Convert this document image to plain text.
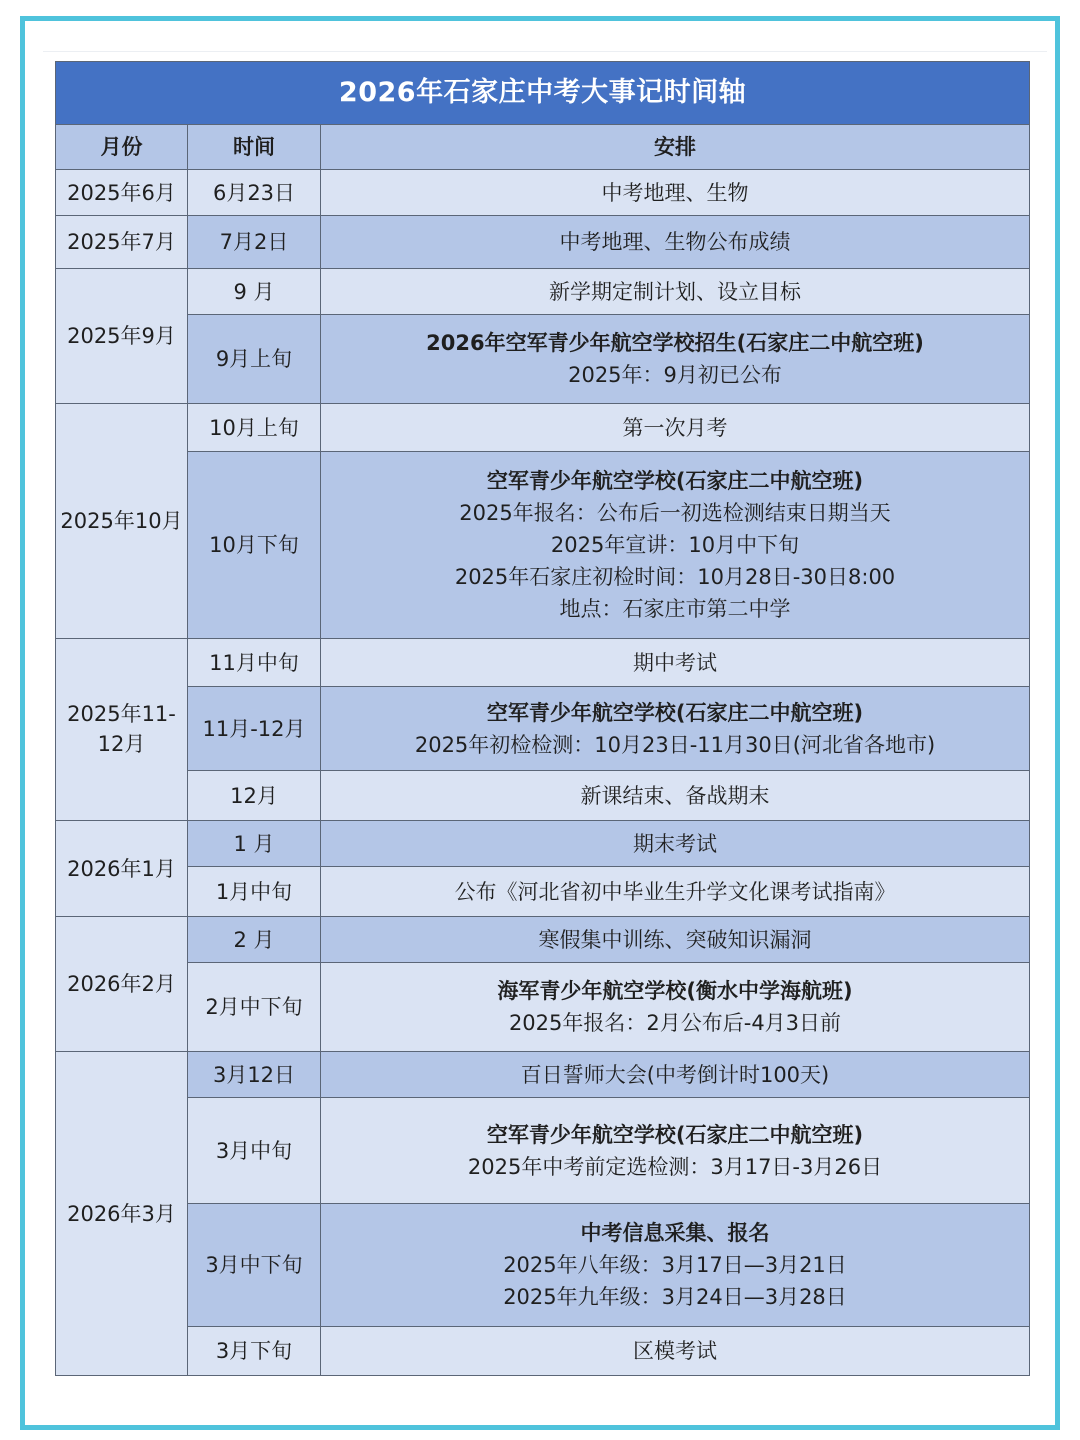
2026年石家庄中考大事记时间轴		
月份	时间	安排
2025年6月	6月23日	中考地理、生物
2025年7月	7月2日	中考地理、生物公布成绩
2025年9月	9 月	新学期定制计划、设立目标
	9月上旬	2026年空军青少年航空学校招生(石家庄二中航空班)
2025年：9月初已公布

2025年10月	10月上旬	第一次月考
	10月下旬	空军青少年航空学校(石家庄二中航空班)
2025年报名：公布后一初选检测结束日期当天
2025年宣讲：10月中下旬
2025年石家庄初检时间：10月28日-30日8:00
地点：石家庄市第二中学

2025年11-12月	11月中旬	期中考试
	11月-12月	空军青少年航空学校(石家庄二中航空班)
2025年初检检测：10月23日-11月30日(河北省各地市)

	12月	新课结束、备战期末
2026年1月	1 月	期末考试
	1月中旬	公布《河北省初中毕业生升学文化课考试指南》
2026年2月	2 月	寒假集中训练、突破知识漏洞
	2月中下旬	海军青少年航空学校(衡水中学海航班)
2025年报名：2月公布后-4月3日前

2026年3月	3月12日	百日誓师大会(中考倒计时100天)
	3月中旬	空军青少年航空学校(石家庄二中航空班)
2025年中考前定选检测：3月17日-3月26日

	3月中下旬	中考信息采集、报名
2025年八年级：3月17日—3月21日
2025年九年级：3月24日—3月28日

	3月下旬	区模考试
